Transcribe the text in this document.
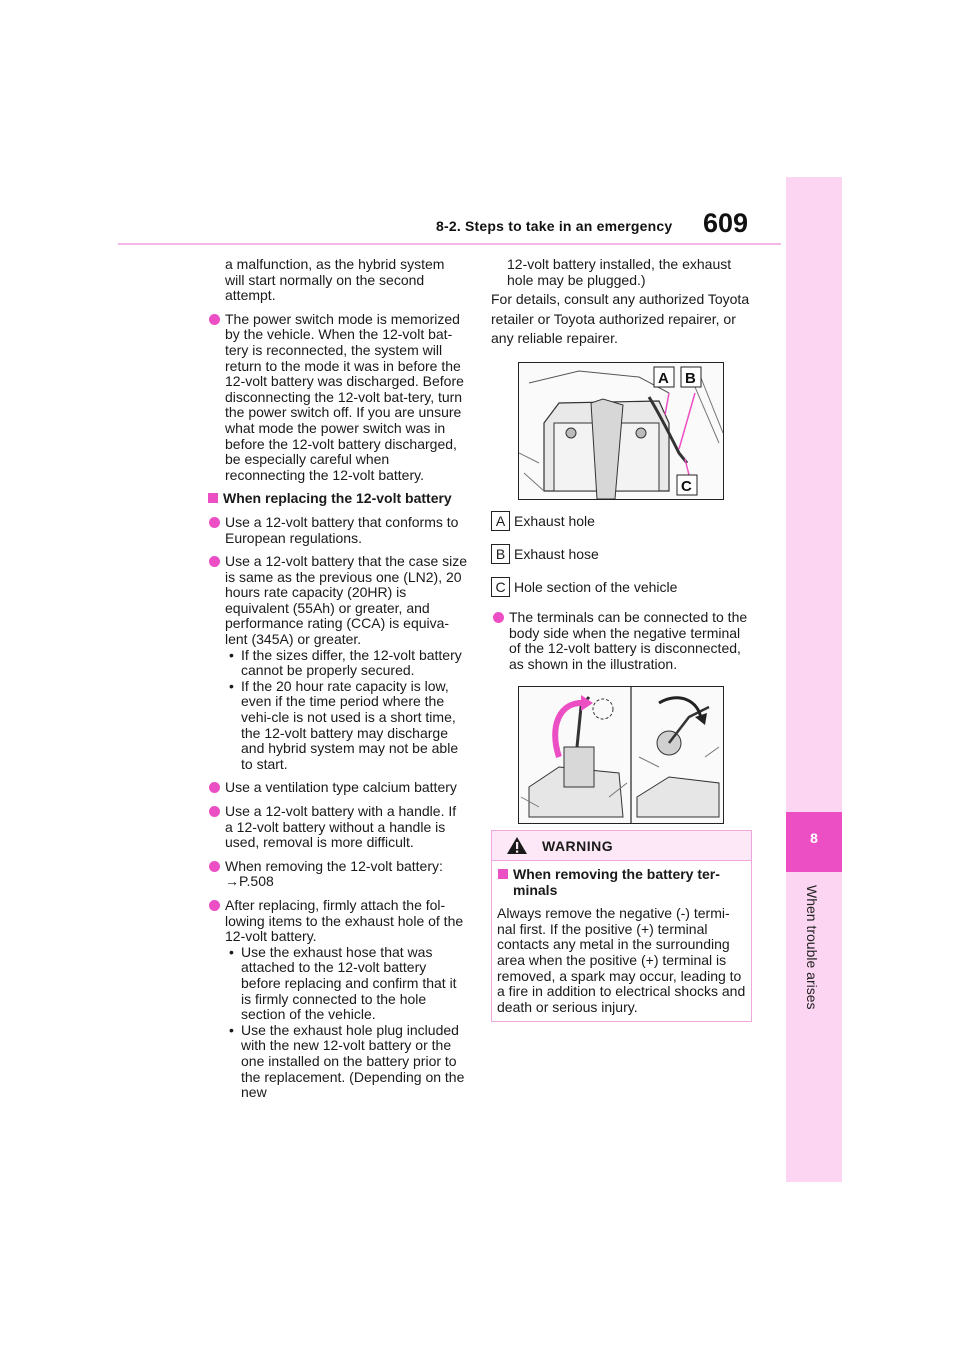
8-2. Steps to take in an emergency 609
8
When trouble arises

a malfunction, as the hybrid system will start normally on the second attempt.

The power switch mode is memorized by the vehicle. When the 12-volt bat-tery is reconnected, the system will return to the mode it was in before the 12-volt battery was discharged. Before disconnecting the 12-volt bat-tery, turn the power switch off. If you are unsure what mode the power switch was in before the 12-volt battery discharged, be especially careful when reconnecting the 12-volt battery.
When replacing the 12-volt battery
Use a 12-volt battery that conforms to European regulations.
Use a 12-volt battery that the case size is same as the previous one (LN2), 20 hours rate capacity (20HR) is equivalent (55Ah) or greater, and performance rating (CCA) is equiva-lent (345A) or greater.
• If the sizes differ, the 12-volt battery cannot be properly secured.
• If the 20 hour rate capacity is low, even if the time period where the vehi-cle is not used is a short time, the 12-volt battery may discharge and hybrid system may not be able to start.
Use a ventilation type calcium battery
Use a 12-volt battery with a handle. If a 12-volt battery without a handle is used, removal is more difficult.
When removing the 12-volt battery:
→P.508
After replacing, firmly attach the fol-lowing items to the exhaust hole of the 12-volt battery.
• Use the exhaust hose that was attached to the 12-volt battery before replacing and confirm that it is firmly connected to the hole section of the vehicle.
• Use the exhaust hole plug included with the new 12-volt battery or the one installed on the battery prior to the replacement. (Depending on the new
12-volt battery installed, the exhaust hole may be plugged.)
For details, consult any authorized Toyota retailer or Toyota authorized repairer, or any reliable repairer.
A B
C
A Exhaust hole
B Exhaust hose
C Hole section of the vehicle
The terminals can be connected to the body side when the negative terminal of the 12-volt battery is disconnected, as shown in the illustration.
WARNING
When removing the battery ter-minals

Always remove the negative (-) termi-nal first. If the positive (+) terminal contacts any metal in the surrounding area when the positive (+) terminal is removed, a spark may occur, leading to a fire in addition to electrical shocks and death or serious injury.
